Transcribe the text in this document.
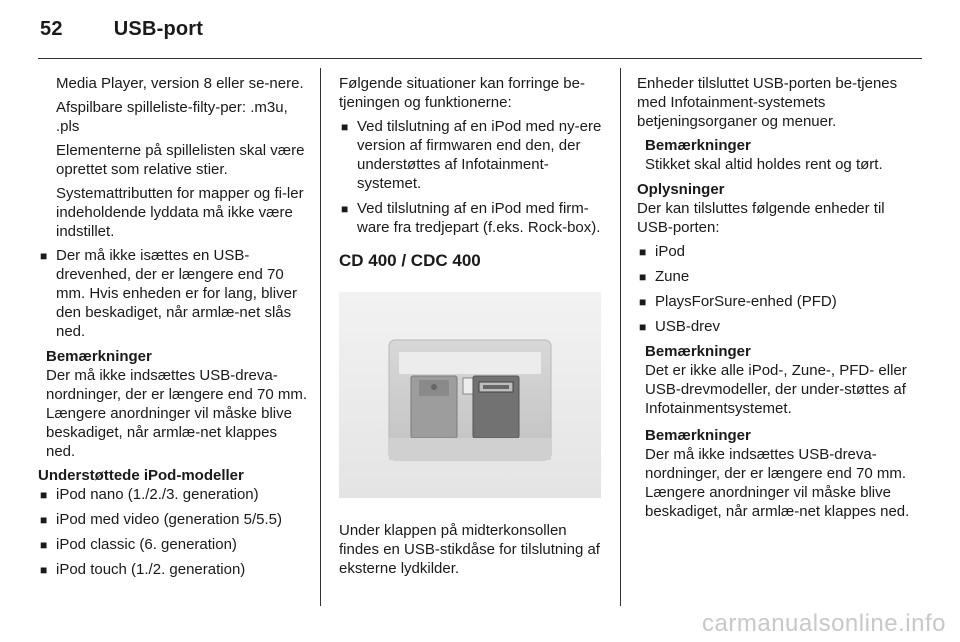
52	USB-port

Media Player, version 8 eller se-nere.

Afspilbare spilleliste-filty-per: .m3u, .pls

Elementerne på spillelisten skal være oprettet som relative stier.

Systemattributten for mapper og fi-ler indeholdende lyddata må ikke være indstillet.

■ Der må ikke isættes en USB-drevenhed, der er længere end 70 mm. Hvis enheden er for lang, bliver den beskadiget, når armlæ-net slås ned.
Bemærkninger
Der må ikke indsættes USB-dreva-nordninger, der er længere end 70 mm. Længere anordninger vil måske blive beskadiget, når armlæ-net klappes ned.
Understøttede iPod-modeller
■ iPod nano (1./2./3. generation)
■ iPod med video (generation 5/5.5)
■ iPod classic (6. generation)
■ iPod touch (1./2. generation)

Følgende situationer kan forringe be-tjeningen og funktionerne:

■ Ved tilslutning af en iPod med ny-ere version af firmwaren end den, der understøttes af Infotainment-systemet.
■ Ved tilslutning af en iPod med firm-ware fra tredjepart (f.eks. Rock-box).
CD 400 / CDC 400

Under klappen på midterkonsollen findes en USB-stikdåse for tilslutning af eksterne lydkilder.

Enheder tilsluttet USB-porten be-tjenes med Infotainment-systemets betjeningsorganer og menuer.

Bemærkninger
Stikket skal altid holdes rent og tørt.
Oplysninger

Der kan tilsluttes følgende enheder til USB-porten:

■ iPod
■ Zune
■ PlaysForSure-enhed (PFD)
■ USB-drev
Bemærkninger
Det er ikke alle iPod-, Zune-, PFD- eller USB-drevmodeller, der under-støttes af Infotainmentsystemet.
Bemærkninger
Der må ikke indsættes USB-dreva-nordninger, der er længere end 70 mm. Længere anordninger vil måske blive beskadiget, når armlæ-net klappes ned.
carmanualsonline.info
